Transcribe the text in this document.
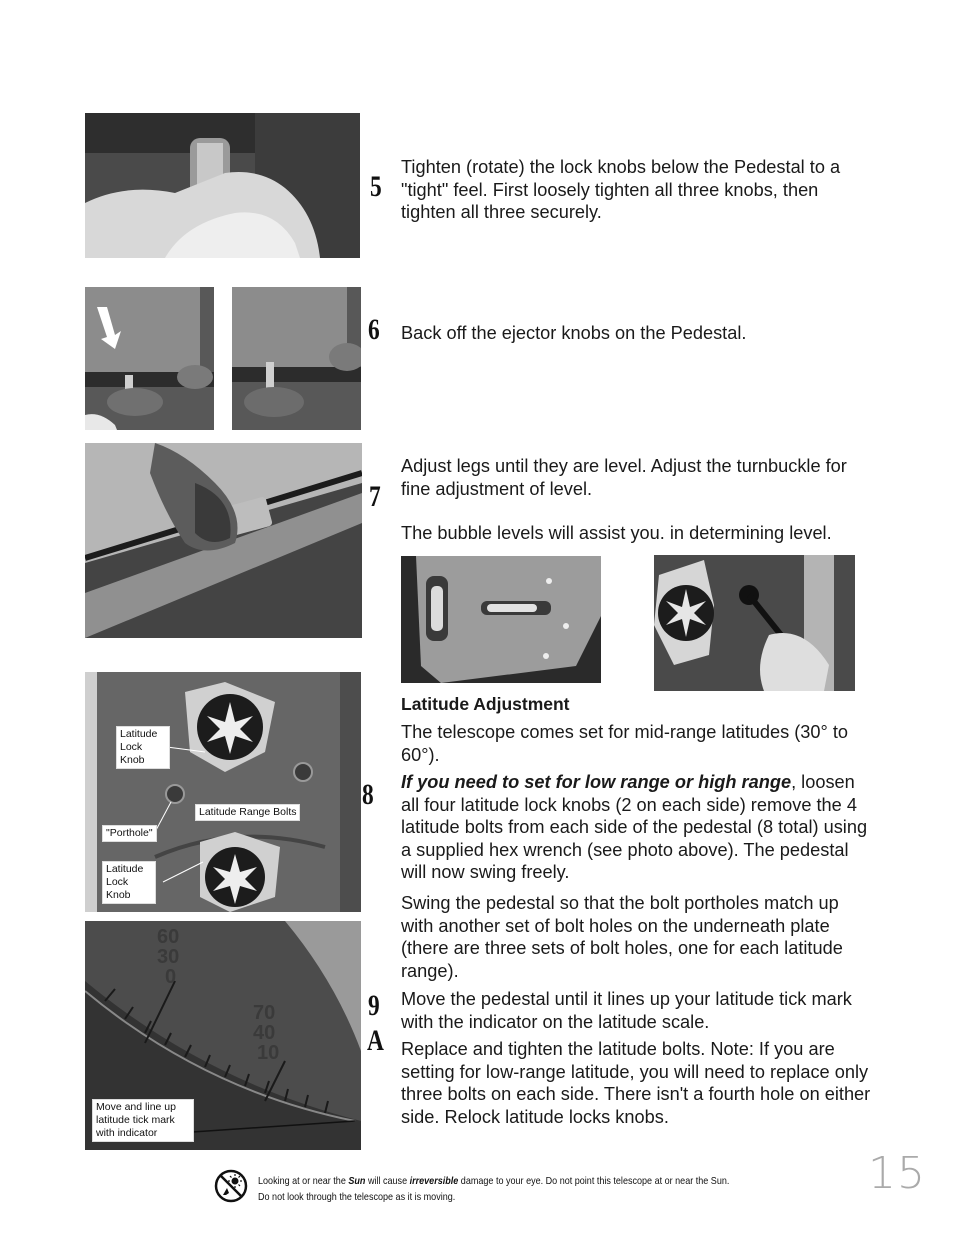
5
Tighten (rotate) the lock knobs below the Pedestal to a "tight" feel. First loosely tighten all three knobs, then tighten all three securely.
6 Back off the ejector knobs on the Pedestal.
7
Adjust legs until they are level. Adjust the turnbuckle for fine adjustment of level.
The bubble levels will assist you. in determining level.
Latitude Lock Knob
Latitude Range Bolts
"Porthole"
Latitude Lock Knob
8
Latitude Adjustment
The telescope comes set for mid-range latitudes (30° to 60°).
If you need to set for low range or high range, loosen all four latitude lock knobs (2 on each side) remove the 4 latitude bolts from each side of the pedestal (8 total) using a supplied hex wrench (see photo above). The pedestal will now swing freely.
Swing the pedestal so that the bolt portholes match up with another set of bolt holes on the underneath plate (there are three sets of bolt holes, one for each latitude range).
Move the pedestal until it lines up your latitude tick mark with the indicator on the latitude scale.
Replace and tighten the latitude bolts. Note: If you are setting for low-range latitude, you will need to replace only three bolts on each side. There isn't a fourth hole on either side. Relock latitude locks knobs.
60
30
0
70
40
10
Move and line up latitude tick mark with indicator
9
A
15
Looking at or near the Sun will cause irreversible damage to your eye. Do not point this telescope at or near the Sun. Do not look through the telescope as it is moving.
